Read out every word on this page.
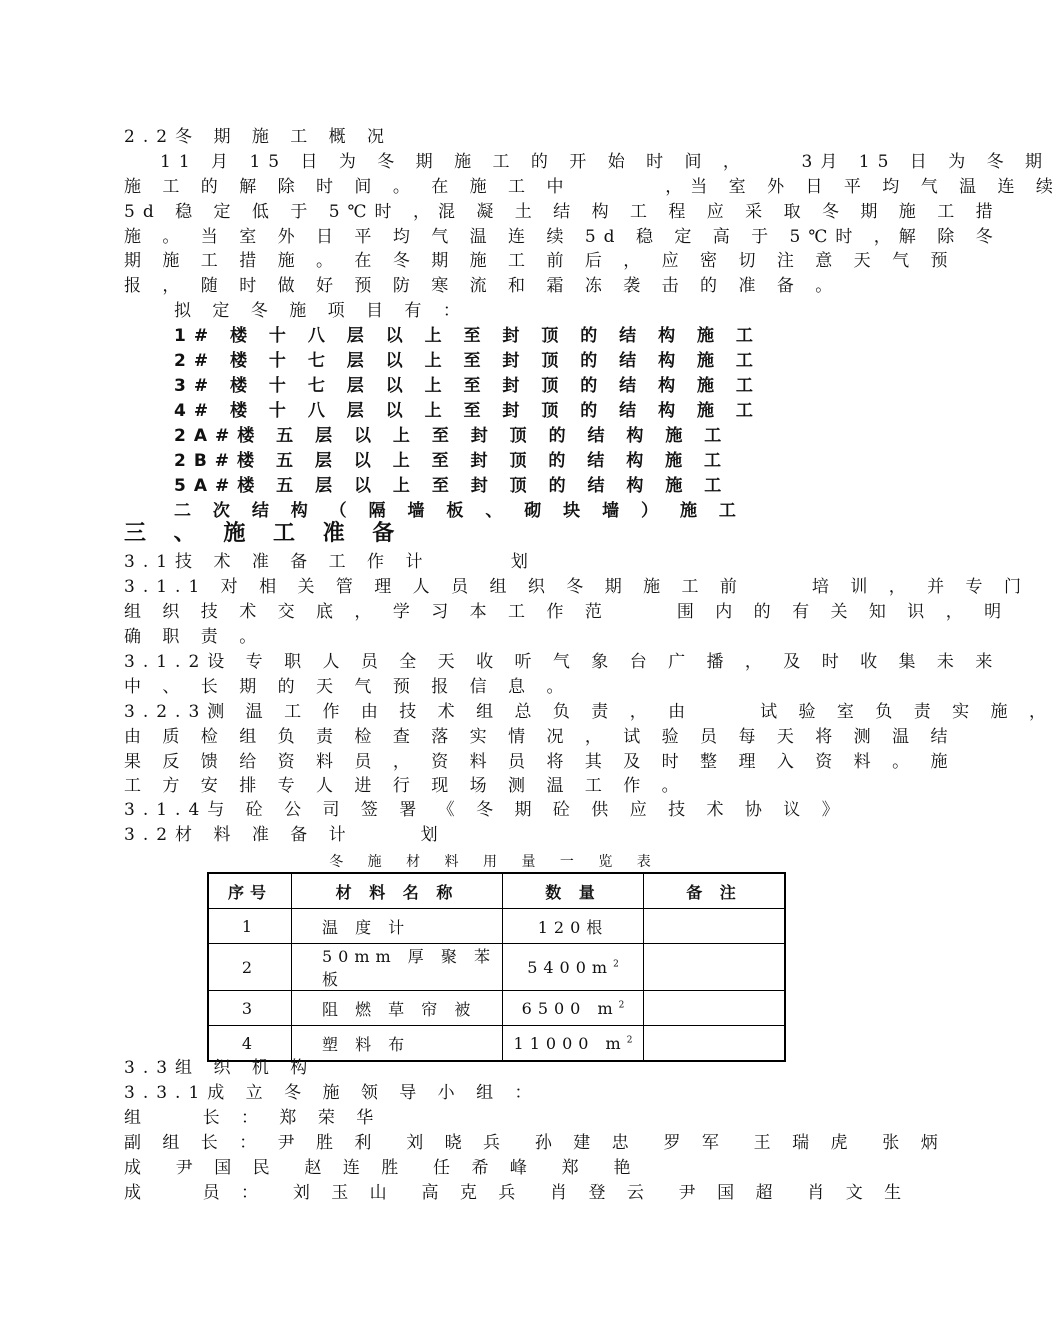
2.2冬 期 施 工 概 况
11 月 15 日 为 冬 期 施 工 的 开 始 时 间 ，    3月 15 日 为 冬 期
施 工 的 解 除 时 间 。 在 施 工 中       ，当 室 外 日 平 均 气 温 连 续
5d 稳 定 低 于 5℃时 ，混 凝 土 结 构 工 程 应 采 取 冬 期 施 工 措
施 。 当 室 外 日 平 均 气 温 连 续 5d 稳 定 高 于 5℃时 ，解 除 冬
期 施 工 措 施 。 在 冬 期 施 工 前 后 ， 应 密 切 注 意 天 气 预
报 ， 随 时 做 好 预 防 寒 流 和 霜 冻 袭 击 的 准 备 。
拟 定 冬 施 项 目 有 ：
1# 楼 十 八 层 以 上 至 封 顶 的 结 构 施 工
2# 楼 十 七 层 以 上 至 封 顶 的 结 构 施 工
3# 楼 十 七 层 以 上 至 封 顶 的 结 构 施 工
4# 楼 十 八 层 以 上 至 封 顶 的 结 构 施 工
2A#楼 五 层 以 上 至 封 顶 的 结 构 施 工
2B#楼 五 层 以 上 至 封 顶 的 结 构 施 工
5A#楼 五 层 以 上 至 封 顶 的 结 构 施 工
二 次 结 构 （ 隔 墙 板 、 砌 块 墙 ） 施 工
三 、 施 工 准 备
3.1技 术 准 备 工 作 计      划
3.1.1 对 相 关 管 理 人 员 组 织 冬 期 施 工 前     培 训 ， 并 专 门
组 织 技 术 交 底 ， 学 习 本 工 作 范     围 内 的 有 关 知 识 ， 明
确 职 责 。
3.1.2设 专 职 人 员 全 天 收 听 气 象 台 广 播 ， 及 时 收 集 未 来
中 、 长 期 的 天 气 预 报 信 息 。
3.2.3测 温 工 作 由 技 术 组 总 负 责 ， 由     试 验 室 负 责 实 施 ，
由 质 检 组 负 责 检 查 落 实 情 况 ， 试 验 员 每 天 将 测 温 结
果 反 馈 给 资 料 员 ， 资 料 员 将 其 及 时 整 理 入 资 料 。 施
工 方 安 排 专 人 进 行 现 场 测 温 工 作 。
3.1.4与 砼 公 司 签 署 《 冬 期 砼 供 应 技 术 协 议 》
3.2材 料 准 备 计     划
冬 施 材 料 用 量 一 览 表
序号	材 料 名 称	数 量	备 注
1	温 度 计	120根	
2	50mm 厚 聚 苯 板	$5400m^2$	
3	阻 燃 草 帘 被	6500 $m^2$	
4	塑 料 布	11000 $m^2$	
3.3组 织 机 构
3.3.1成 立 冬 施 领 导 小 组 ：
组    长 ： 郑 荣 华
副 组 长 ： 尹 胜 利  刘 晓 兵  孙 建 忠  罗 军  王 瑞 虎  张 炳
成  尹 国 民  赵 连 胜  任 希 峰  郑  艳
成    员 ：  刘 玉 山  高 克 兵  肖 登 云  尹 国 超  肖 文 生
